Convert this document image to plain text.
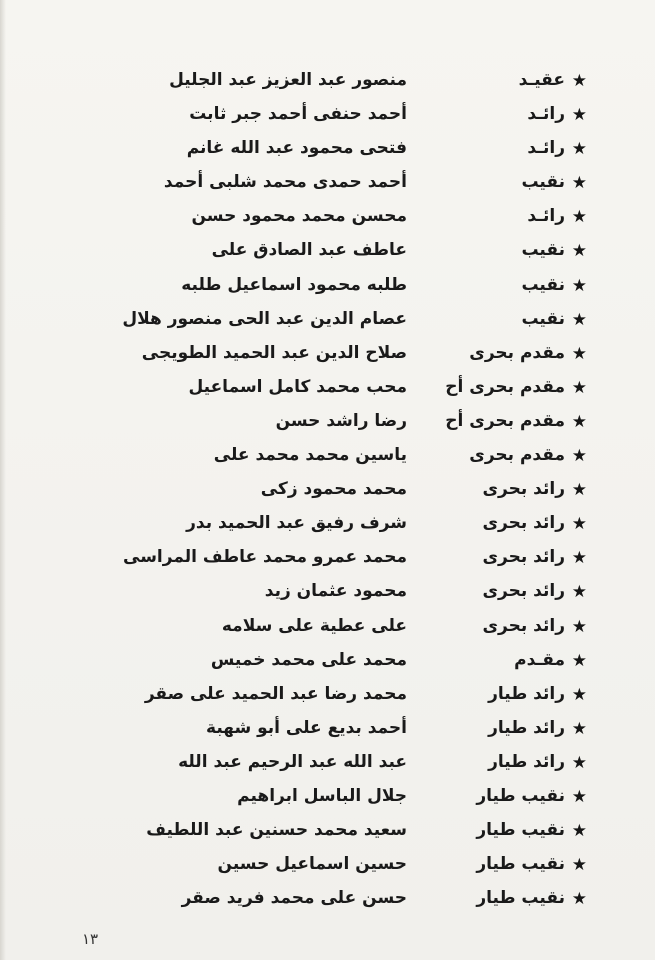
★
عقيـد
منصور عبد العزيز عبد الجليل
★
رائـد
أحمد حنفى أحمد جبر ثابت
★
رائـد
فتحى محمود عبد الله غانم
★
نقيب
أحمد حمدى محمد شلبى أحمد
★
رائـد
محسن محمد محمود حسن
★
نقيب
عاطف عبد الصادق على
★
نقيب
طلبه محمود اسماعيل طلبه
★
نقيب
عصام الدين عبد الحى منصور هلال
★
مقدم بحرى
صلاح الدين عبد الحميد الطويجى
★
مقدم بحرى أح
محب محمد كامل اسماعيل
★
مقدم بحرى أح
رضا راشد حسن
★
مقدم بحرى
ياسين محمد محمد على
★
رائد بحرى
محمد محمود زكى
★
رائد بحرى
شرف رفيق عبد الحميد بدر
★
رائد بحرى
محمد عمرو محمد عاطف المراسى
★
رائد بحرى
محمود عثمان زيد
★
رائد بحرى
على عطية على سلامه
★
مقـدم
محمد على محمد خميس
★
رائد طيار
محمد رضا عبد الحميد على صقر
★
رائد طيار
أحمد بديع على أبو شهبة
★
رائد طيار
عبد الله عبد الرحيم عبد الله
★
نقيب طيار
جلال الباسل ابراهيم
★
نقيب طيار
سعيد محمد حسنين عبد اللطيف
★
نقيب طيار
حسين اسماعيل حسين
★
نقيب طيار
حسن على محمد فريد صقر
١٣
